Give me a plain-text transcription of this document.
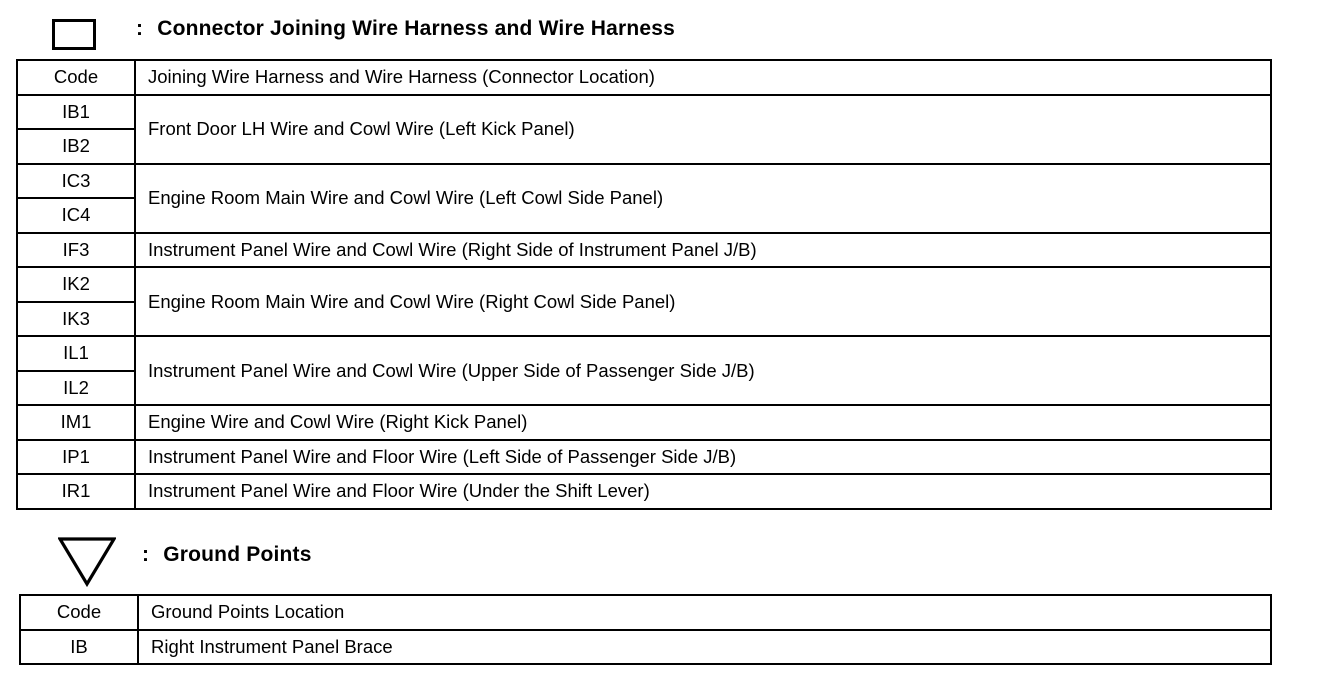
: Connector Joining Wire Harness and Wire Harness
Code	Joining Wire Harness and Wire Harness (Connector Location)
IB1	Front Door LH Wire and Cowl Wire (Left Kick Panel)
IB2	
IC3	Engine Room Main Wire and Cowl Wire (Left Cowl Side Panel)
IC4	
IF3	Instrument Panel Wire and Cowl Wire (Right Side of Instrument Panel J/B)
IK2	Engine Room Main Wire and Cowl Wire (Right Cowl Side Panel)
IK3	
IL1	Instrument Panel Wire and Cowl Wire (Upper Side of Passenger Side J/B)
IL2	
IM1	Engine Wire and Cowl Wire (Right Kick Panel)
IP1	Instrument Panel Wire and Floor Wire (Left Side of Passenger Side J/B)
IR1	Instrument Panel Wire and Floor Wire (Under the Shift Lever)
: Ground Points
Code	Ground Points Location
IB	Right Instrument Panel Brace
